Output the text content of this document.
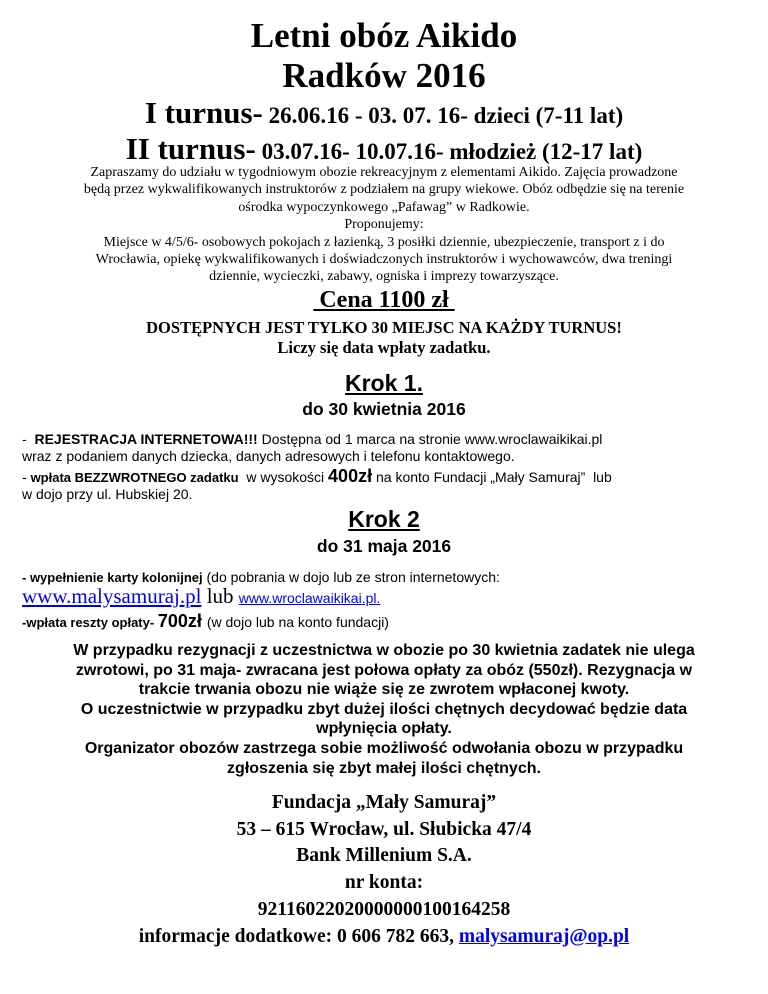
Letni obóz Aikido
Radków 2016
I turnus- 26.06.16 - 03. 07. 16- dzieci (7-11 lat)
II turnus- 03.07.16- 10.07.16- młodzież (12-17 lat)
Zapraszamy do udziału w tygodniowym obozie rekreacyjnym z elementami Aikido. Zajęcia prowadzone
będą przez wykwalifikowanych instruktorów z podziałem na grupy wiekowe. Obóz odbędzie się na terenie
ośrodka wypoczynkowego „Pafawag” w Radkowie.
Proponujemy:
Miejsce w 4/5/6- osobowych pokojach z łazienką, 3 posiłki dziennie, ubezpieczenie, transport z i do
Wrocławia, opiekę wykwalifikowanych i doświadczonych instruktorów i wychowawców, dwa treningi
dziennie, wycieczki, zabawy, ogniska i imprezy towarzyszące.
Cena 1100 zł
DOSTĘPNYCH JEST TYLKO 30 MIEJSC NA KAŻDY TURNUS!
Liczy się data wpłaty zadatku.
Krok 1.
do 30 kwietnia 2016
-  REJESTRACJA INTERNETOWA!!! Dostępna od 1 marca na stronie www.wroclawaikikai.pl
wraz z podaniem danych dziecka, danych adresowych i telefonu kontaktowego.
- wpłata BEZZWROTNEGO zadatku  w wysokości 400zł na konto Fundacji „Mały Samuraj”  lub
w dojo przy ul. Hubskiej 20.
Krok 2
do 31 maja 2016
- wypełnienie karty kolonijnej (do pobrania w dojo lub ze stron internetowych:
www.malysamuraj.pl lub www.wroclawaikikai.pl.
-wpłata reszty opłaty- 700zł (w dojo lub na konto fundacji)
W przypadku rezygnacji z uczestnictwa w obozie po 30 kwietnia zadatek nie ulega
zwrotowi, po 31 maja- zwracana jest połowa opłaty za obóz (550zł). Rezygnacja w
trakcie trwania obozu nie wiąże się ze zwrotem wpłaconej kwoty.
O uczestnictwie w przypadku zbyt dużej ilości chętnych decydować będzie data
wpłynięcia opłaty.
Organizator obozów zastrzega sobie możliwość odwołania obozu w przypadku
zgłoszenia się zbyt małej ilości chętnych.
Fundacja „Mały Samuraj”
53 – 615 Wrocław, ul. Słubicka 47/4
Bank Millenium S.A.
nr konta:
92116022020000000100164258
informacje dodatkowe: 0 606 782 663, malysamuraj@op.pl
